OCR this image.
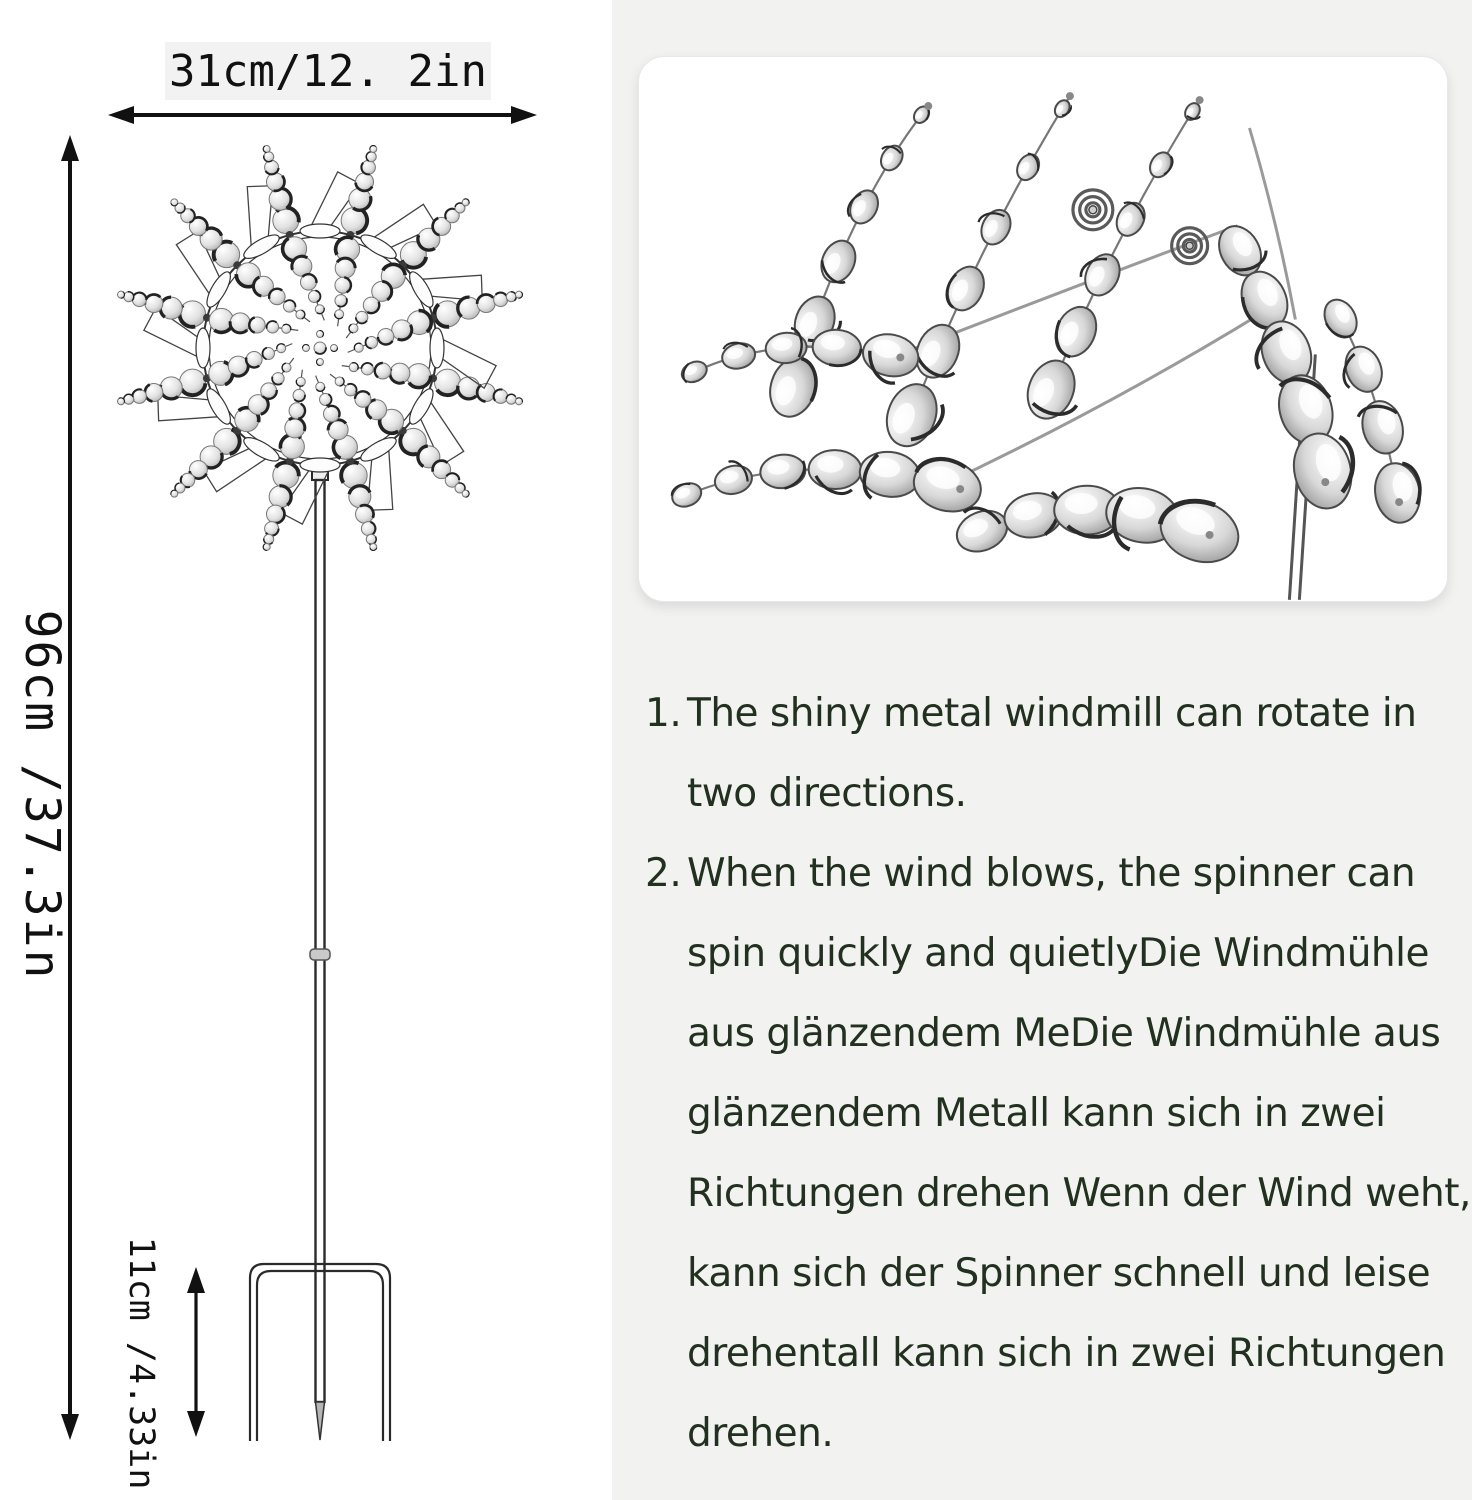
31cm/12. 2in
96cm /37.3in
11cm /4.33in
1. The shiny metal windmill can rotate in
two directions.
2. When the wind blows, the spinner can
spin quickly and quietlyDie Windmühle
aus glänzendem MeDie Windmühle aus
glänzendem Metall kann sich in zwei
Richtungen drehen Wenn der Wind weht,
kann sich der Spinner schnell und leise
drehentall kann sich in zwei Richtungen
drehen.
